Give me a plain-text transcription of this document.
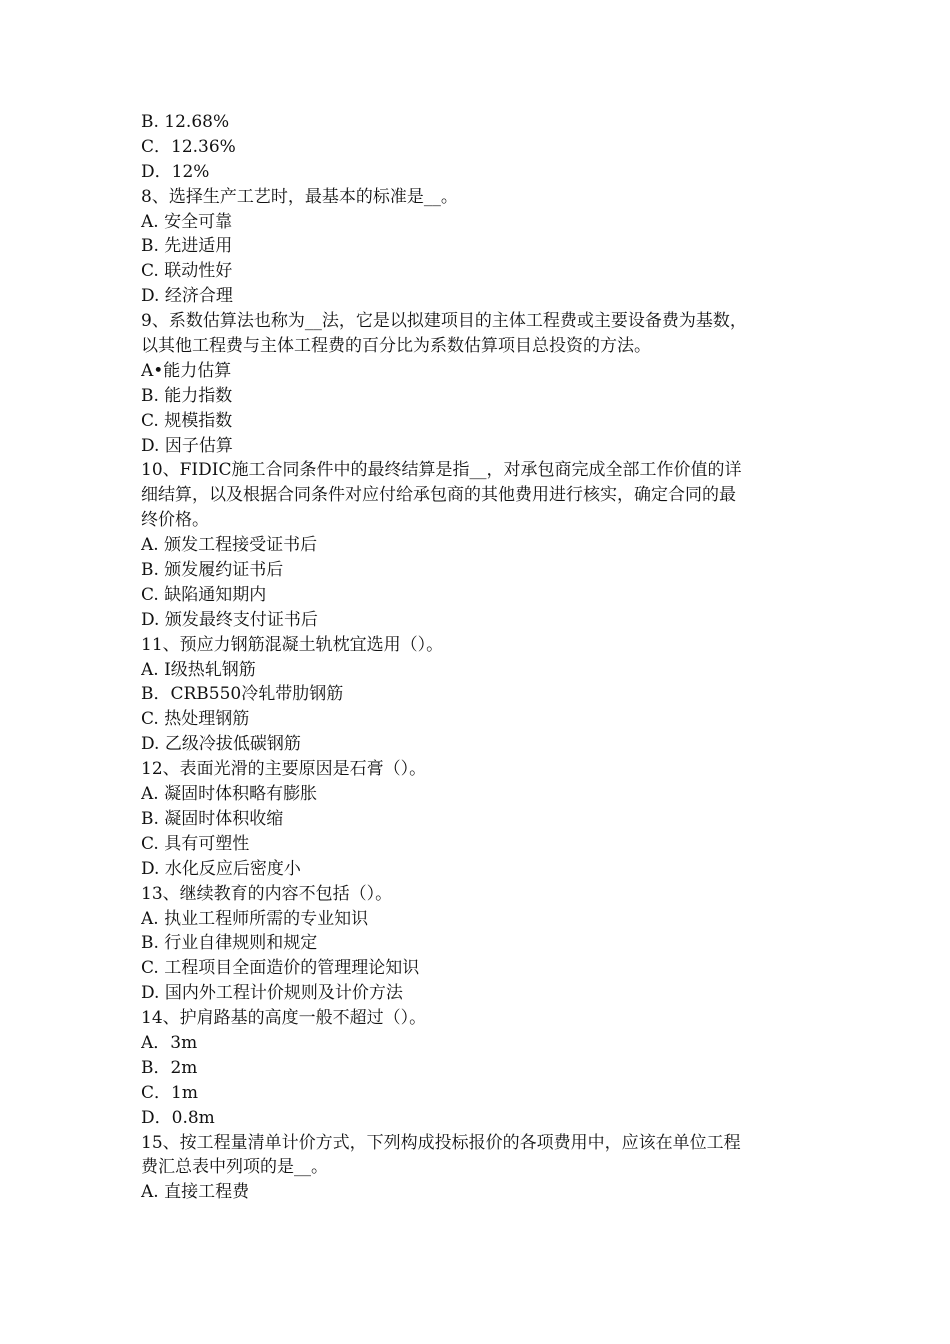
B. 12.68%
C．12.36%
D．12%
8、选择生产工艺时，最基本的标准是__。
A. 安全可靠
B. 先进适用
C. 联动性好
D. 经济合理
9、系数估算法也称为__法，它是以拟建项目的主体工程费或主要设备费为基数，
以其他工程费与主体工程费的百分比为系数估算项目总投资的方法。
A•能力估算
B. 能力指数
C. 规模指数
D. 因子估算
10、FIDIC施工合同条件中的最终结算是指__，对承包商完成全部工作价值的详
细结算，以及根据合同条件对应付给承包商的其他费用进行核实，确定合同的最
终价格。
A. 颁发工程接受证书后
B. 颁发履约证书后
C. 缺陷通知期内
D. 颁发最终支付证书后
11、预应力钢筋混凝土轨枕宜选用（）。
A. Ⅰ级热轧钢筋
B．CRB550冷轧带肋钢筋
C. 热处理钢筋
D. 乙级冷拔低碳钢筋
12、表面光滑的主要原因是石膏（）。
A. 凝固时体积略有膨胀
B. 凝固时体积收缩
C. 具有可塑性
D. 水化反应后密度小
13、继续教育的内容不包括（）。
A. 执业工程师所需的专业知识
B. 行业自律规则和规定
C. 工程项目全面造价的管理理论知识
D. 国内外工程计价规则及计价方法
14、护肩路基的高度一般不超过（）。
A．3m
B．2m
C．1m
D．0.8m
15、按工程量清单计价方式，下列构成投标报价的各项费用中，应该在单位工程
费汇总表中列项的是__。
A. 直接工程费
